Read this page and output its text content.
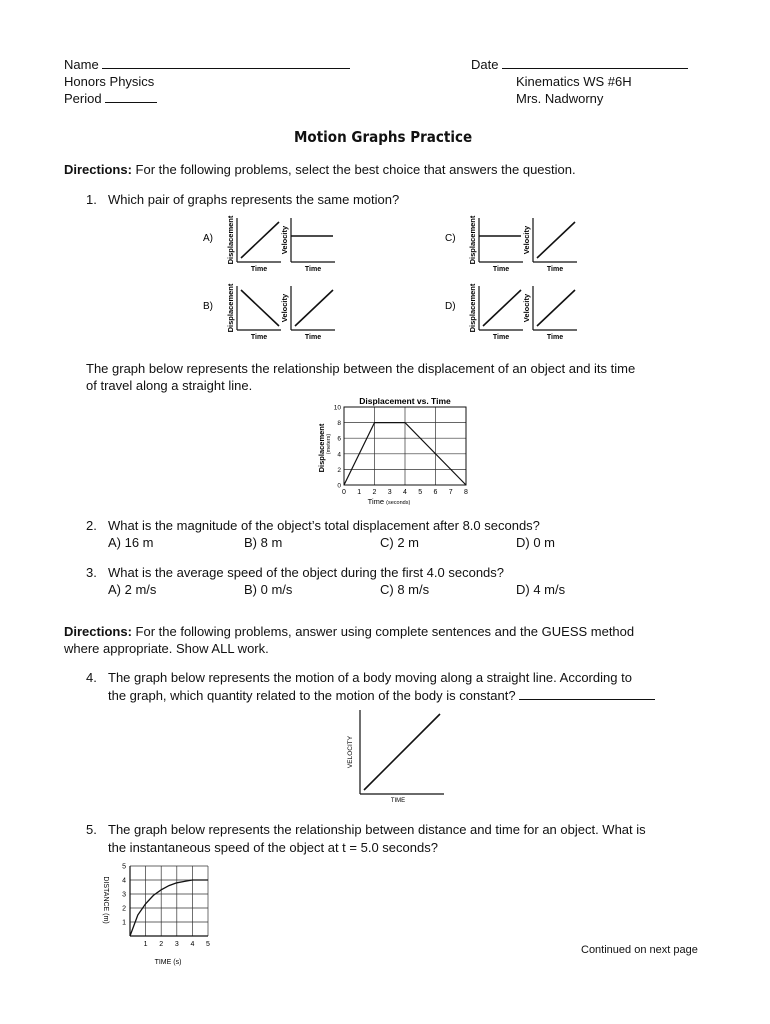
Name
Honors Physics
Period
Date
Kinematics WS #6H
Mrs. Nadworny
Motion Graphs Practice
Directions: For the following problems, select the best choice that answers the question.
1. Which pair of graphs represents the same motion?
A) Displacement
Time
Velocity
Time
B) Displacement
Time
Velocity
Time
C) Displacement
Time
Velocity
Time
D) Displacement
Time
Velocity
Time
The graph below represents the relationship between the displacement of an object and its time
of travel along a straight line.
Displacement vs. Time
0 1 2 3 4 5 6 7 8
0
2
4
6
8
10
Displacement (meters)
Time (seconds)
2. What is the magnitude of the object’s total displacement after 8.0 seconds?
A) 16 m	B) 8 m	C) 2 m	D) 0 m
3. What is the average speed of the object during the first 4.0 seconds?
A) 2 m/s	B) 0 m/s	C) 8 m/s	D) 4 m/s
Directions: For the following problems, answer using complete sentences and the GUESS method
where appropriate. Show ALL work.
4. The graph below represents the motion of a body moving along a straight line. According to
the graph, which quantity related to the motion of the body is constant?
VELOCITY
TIME
5. The graph below represents the relationship between distance and time for an object. What is
the instantaneous speed of the object at t = 5.0 seconds?
1 2 3 4 5
1
2
3
4
5
DISTANCE (m)
TIME (s)
Continued on next page
